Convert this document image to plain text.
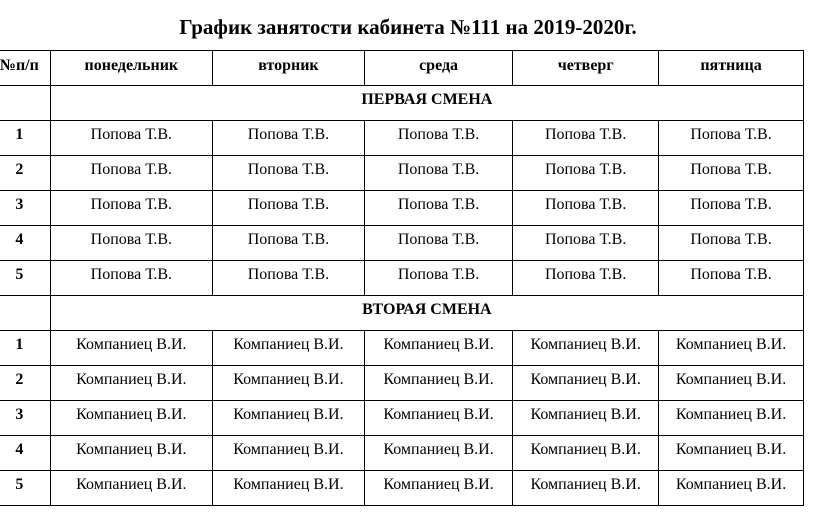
График занятости кабинета №111 на 2019-2020г.
№п/п	понедельник	вторник	среда	четверг	пятница
	ПЕРВАЯ СМЕНА				
1	Попова Т.В.	Попова Т.В.	Попова Т.В.	Попова Т.В.	Попова Т.В.
2	Попова Т.В.	Попова Т.В.	Попова Т.В.	Попова Т.В.	Попова Т.В.
3	Попова Т.В.	Попова Т.В.	Попова Т.В.	Попова Т.В.	Попова Т.В.
4	Попова Т.В.	Попова Т.В.	Попова Т.В.	Попова Т.В.	Попова Т.В.
5	Попова Т.В.	Попова Т.В.	Попова Т.В.	Попова Т.В.	Попова Т.В.
	ВТОРАЯ СМЕНА				
1	Компаниец В.И.	Компаниец В.И.	Компаниец В.И.	Компаниец В.И.	Компаниец В.И.
2	Компаниец В.И.	Компаниец В.И.	Компаниец В.И.	Компаниец В.И.	Компаниец В.И.
3	Компаниец В.И.	Компаниец В.И.	Компаниец В.И.	Компаниец В.И.	Компаниец В.И.
4	Компаниец В.И.	Компаниец В.И.	Компаниец В.И.	Компаниец В.И.	Компаниец В.И.
5	Компаниец В.И.	Компаниец В.И.	Компаниец В.И.	Компаниец В.И.	Компаниец В.И.
